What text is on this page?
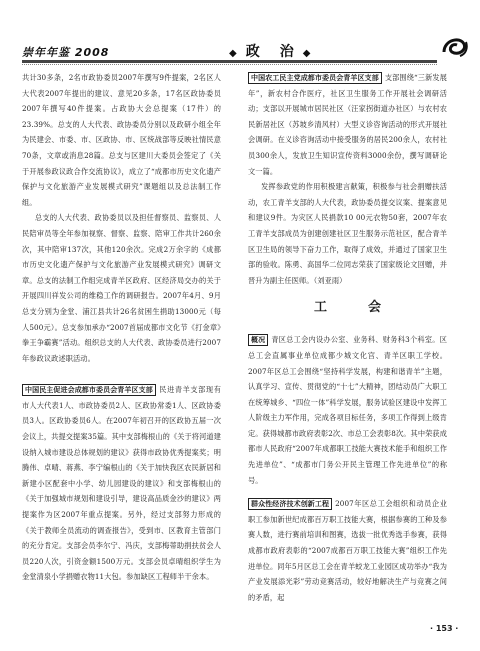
崇年年鉴 2008	◆ 政　治 ◆

共计30多条，2名市政协委员2007年撰写9件提案，2名区人大代表2007年提出的建议、意见20多条，17名区政协委员2007年撰写40件提案。占政协大会总提案（17件）的23.39%。总支的人大代表、政协委员分别以及政研小组全年为民建会、市委、市、区政协、市、区统战部等反映社情民意70条，文章或消息28篇。总支与区建川大委员会签定了《关于开展参政议政合作交流协议》，成立了“成都市历史文化遗产保护与文化旅游产业发展模式研究”课题组以及总法制工作组。

总支的人大代表、政协委员以及担任督察员、监察员、人民陪审员等全年参加视察、督察、监察、陪审工作共计260余次，其中陪审137次，其他120余次。完成2万余字的《成都市历史文化遗产保护与文化旅游产业发展模式研究》调研文章。总支的法制工作组完成青羊区政府、区经济局交办的关于开展四川祥发公司的维稳工作的调研报告。2007年4月、9月总支分别为金堂、浦江县共计26名贫困生捐助13000元（每人500元）。总支参加承办“2007首届成都市文化节《打金章》拳王争霸赛”活动。组织总支的人大代表、政协委员进行2007年参政议政述职活动。

中国民主促进会成都市委员会青羊区支部 民进青羊支部现有市人大代表1人、市政协委员2人、区政协常委1人、区政协委员3人。区政协委员6人。在2007年初召开的区政协五届一次会议上，共提交提案35篇。其中支部梅根山的《关于将河道建设纳入城市建设总体规划的建议》获得市政协优秀提案奖；明腾伟、卓晴、蒋燕、李宁编根山的《关于加快我区农民新居和新建小区配套中小学、幼儿园建设的建议》和支部梅根山的《关于加强城市规划和建设引导，建设高品质金沙的建议》两提案作为区2007年重点提案。另外，经过支部努力形成的《关于教师全员流动的调查报告》，受到市、区教育主管部门的充分肯定。支部会员李尔宁、冯庆，支部梅蒂助捐扶贫会人员220人次，引资金额1500万元。支部会员卓晴组织学生为金堂清泉小学捐赠衣物11大包。参加缺区工程师半干余本。

中国农工民主党成都市委员会青羊区支部 支部围绕“三新发展年”，新农村合作医疗，社区卫生服务工作开展社会调研活动；支部以开展城市居民社区（汪家拐街道办社区）与农村农民新居社区（苏坡乡清风村）大型义诊咨询活动的形式开展社会调研。在义诊咨询活动中接受服务的居民200余人，农村社员300余人，发放卫生知识宣传资料3000余份，撰写调研论文一篇。

发挥参政党的作用积极建言献策，积极参与社会捐赠扶活动，农工青羊支部的人大代表，政协委员提交议案、提案意见和建议9件。为灾区人民捐款10 00元衣物50套，2007年农工青羊支部成员为创建创建社区卫生服务示范社区，配合青羊区卫生局的领导下奋力工作，取得了成效，并通过了国家卫生部的验收。陈勇、高国华二位同志荣获了国家级论文回赠，并晋升为副主任医师。（刘亚雨）

工　会

概况 青区总工会内设办公室、业务科、财务科3个科室。区总工会直属事业单位成都少城文化宫、青羊区职工学校。2007年区总工会围绕“坚持科学发展，构建和谐青羊”主题，认真学习、宣传、贯彻党的“十七”大精神，团结动员广大职工在统筹城乡、“四位一体”科学发展，服务试验区建设中发挥工人阶级主力军作用，完成各项目标任务，多项工作得到上级肯定。获得城都市政府表彰2次、市总工会表彰8次。其中荣获成都市人民政府“2007年成都职工技能大赛技术能手和组织工作先进单位”、“成都市门务公开民主管理工作先进单位”的称号。

群众性经济技术创新工程 2007年区总工会组织和动员企业职工参加新世纪成都百万职工技能大赛，根据参赛的工种及参赛人数，进行赛前培训和图赛，选拔一批优秀选手参赛，获得成都市政府表彰的“2007成都百万职工技能大赛”组织工作先进单位。同年5月区总工会在青羊蛟龙工业园区成功举办“我为产业发展添光彩”劳动竞赛活动，较好地解决生产与竞赛之间的矛盾，起

· 153 ·
